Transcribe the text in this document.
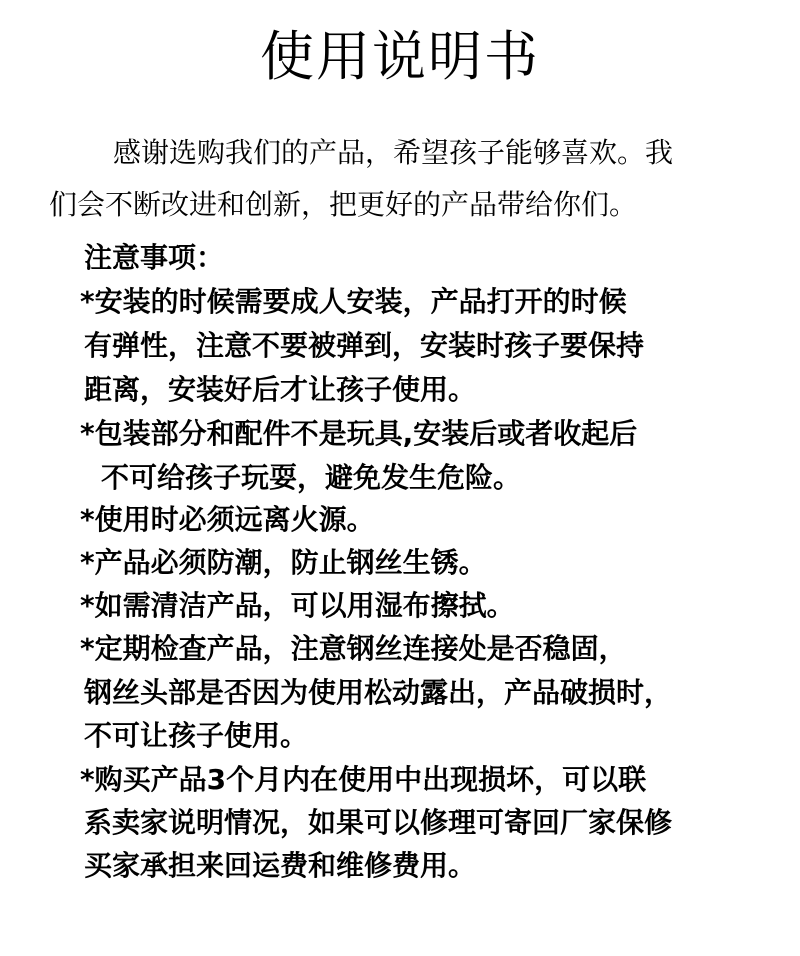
使用说明书
感谢选购我们的产品，希望孩子能够喜欢。我
们会不断改进和创新，把更好的产品带给你们。
注意事项：
*安装的时候需要成人安装，产品打开的时候
有弹性，注意不要被弹到，安装时孩子要保持
距离，安装好后才让孩子使用。
*包装部分和配件不是玩具,安装后或者收起后
不可给孩子玩耍，避免发生危险。
*使用时必须远离火源。
*产品必须防潮，防止钢丝生锈。
*如需清洁产品，可以用湿布擦拭。
*定期检查产品，注意钢丝连接处是否稳固，
钢丝头部是否因为使用松动露出，产品破损时，
不可让孩子使用。
*购买产品3个月内在使用中出现损坏，可以联
系卖家说明情况，如果可以修理可寄回厂家保修
买家承担来回运费和维修费用。
